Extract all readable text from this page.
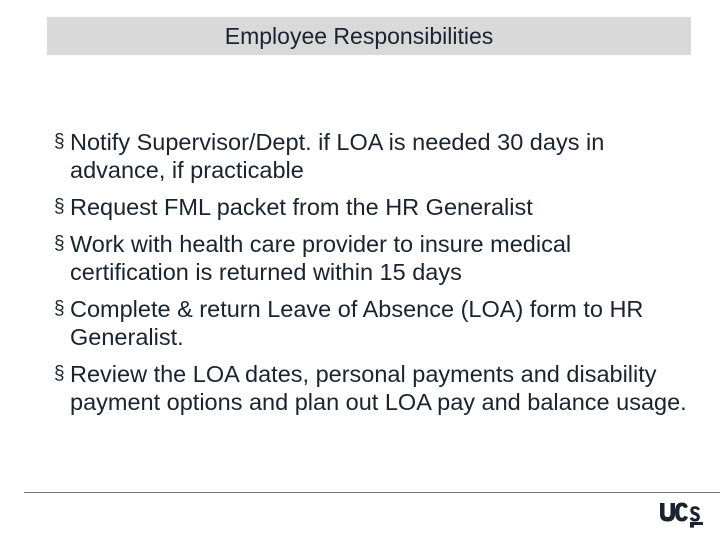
Employee Responsibilities
§ Notify Supervisor/Dept. if LOA is needed 30 days in advance, if practicable
§ Request FML packet from the HR Generalist
§ Work with health care provider to insure medical certification is returned within 15 days
§ Complete & return Leave of Absence (LOA) form to HR Generalist.
§ Review the LOA dates, personal payments and disability payment options and plan out LOA pay and balance usage.
